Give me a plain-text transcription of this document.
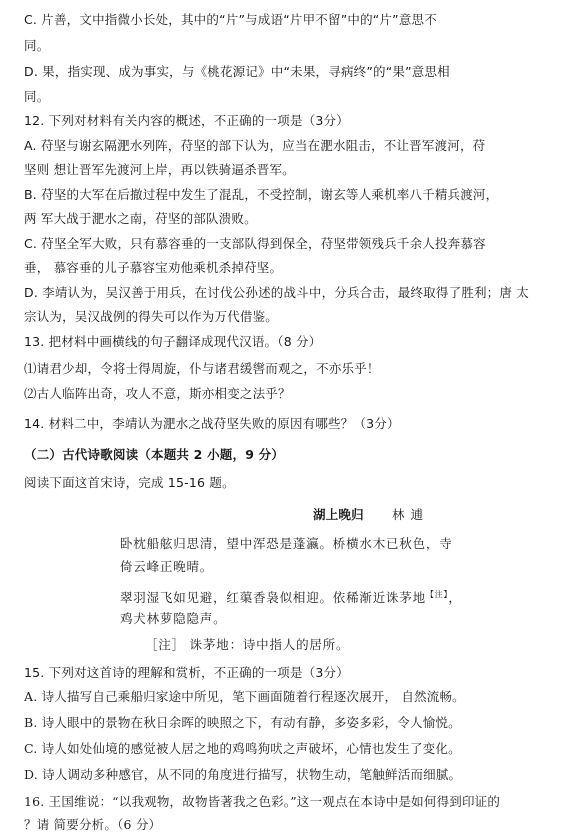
C. 片善，文中指微小长处，其中的“片”与成语“片甲不留”中的“片”意思不
同。
D. 果，指实现、成为事实，与《桃花源记》中“未果，寻病终”的“果”意思相
同。
12. 下列对材料有关内容的概述，不正确的一项是（3分）
A. 苻坚与谢玄隔淝水列阵，苻坚的部下认为，应当在淝水阻击，不让晋军渡河，苻
坚则 想让晋军先渡河上岸，再以铁骑逼杀晋军。
B. 苻坚的大军在后撤过程中发生了混乱，不受控制，谢玄等人乘机率八千精兵渡河，
两 军大战于淝水之南，苻坚的部队溃败。
C. 苻坚全军大败，只有慕容垂的一支部队得到保全，苻坚带领残兵千余人投奔慕容
垂， 慕容垂的儿子慕容宝劝他乘机杀掉苻坚。
D. 李靖认为，吴汉善于用兵，在讨伐公孙述的战斗中，分兵合击，最终取得了胜利；唐 太
宗认为，吴汉战例的得失可以作为万代借鉴。
13. 把材料中画横线的句子翻译成现代汉语。（8 分）
⑴请君少却，令将士得周旋，仆与诸君缓辔而观之，不亦乐乎！
⑵古人临阵出奇，攻人不意，斯亦相变之法乎？
14. 材料二中，李靖认为淝水之战苻坚失败的原因有哪些？（3分）
（二）古代诗歌阅读（本题共 2 小题，9 分）
阅读下面这首宋诗，完成 15-16 题。
湖上晚归 林逋
卧枕船舷归思清，望中浑恐是蓬瀛。桥横水木已秋色，寺
倚云峰正晚晴。
翠羽湿飞如见避，红蕖香袅似相迎。依稀渐近诛茅地$^{【注】}$，
鸡犬林萝隐隐声。
［注］ 诛茅地：诗中指人的居所。
15. 下列对这首诗的理解和赏析，不正确的一项是（3分）
A. 诗人描写自己乘船归家途中所见，笔下画面随着行程逐次展开， 自然流畅。
B. 诗人眼中的景物在秋日余晖的映照之下，有动有静，多姿多彩，令人愉悦。
C. 诗人如处仙境的感觉被人居之地的鸡鸣狗吠之声破坏，心情也发生了变化。
D. 诗人调动多种感官，从不同的角度进行描写，状物生动，笔触鲜活而细腻。
16. 王国维说：“以我观物，故物皆著我之色彩。”这一观点在本诗中是如何得到印证的
？请 简要分析。（6 分）
